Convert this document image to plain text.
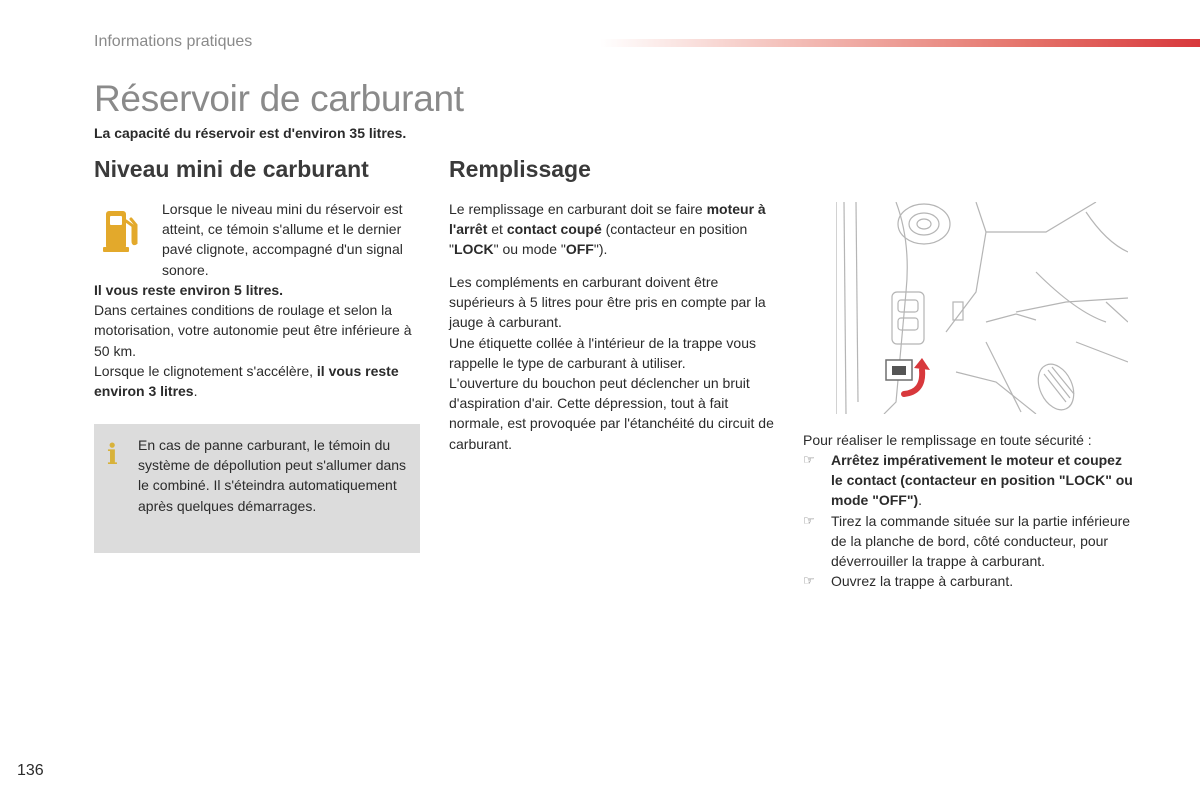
Informations pratiques
Réservoir de carburant
La capacité du réservoir est d'environ 35 litres.
Niveau mini de carburant	Remplissage
Lorsque le niveau mini du réservoir est atteint, ce témoin s'allume et le dernier pavé clignote, accompagné d'un signal sonore.
Il vous reste environ 5 litres.
Dans certaines conditions de roulage et selon la motorisation, votre autonomie peut être inférieure à 50 km.
Lorsque le clignotement s'accélère, il vous reste environ 3 litres.
i En cas de panne carburant, le témoin du système de dépollution peut s'allumer dans le combiné. Il s'éteindra automatiquement après quelques démarrages.
Le remplissage en carburant doit se faire moteur à l'arrêt et contact coupé (contacteur en position "LOCK" ou mode "OFF").
Les compléments en carburant doivent être supérieurs à 5 litres pour être pris en compte par la jauge à carburant.
Une étiquette collée à l'intérieur de la trappe vous rappelle le type de carburant à utiliser.
L'ouverture du bouchon peut déclencher un bruit d'aspiration d'air. Cette dépression, tout à fait normale, est provoquée par l'étanchéité du circuit de carburant.	Pour réaliser le remplissage en toute sécurité :
☞ Arrêtez impérativement le moteur et coupez le contact (contacteur en position "LOCK" ou mode "OFF").
☞ Tirez la commande située sur la partie inférieure de la planche de bord, côté conducteur, pour déverrouiller la trappe à carburant.
☞ Ouvrez la trappe à carburant.
136
